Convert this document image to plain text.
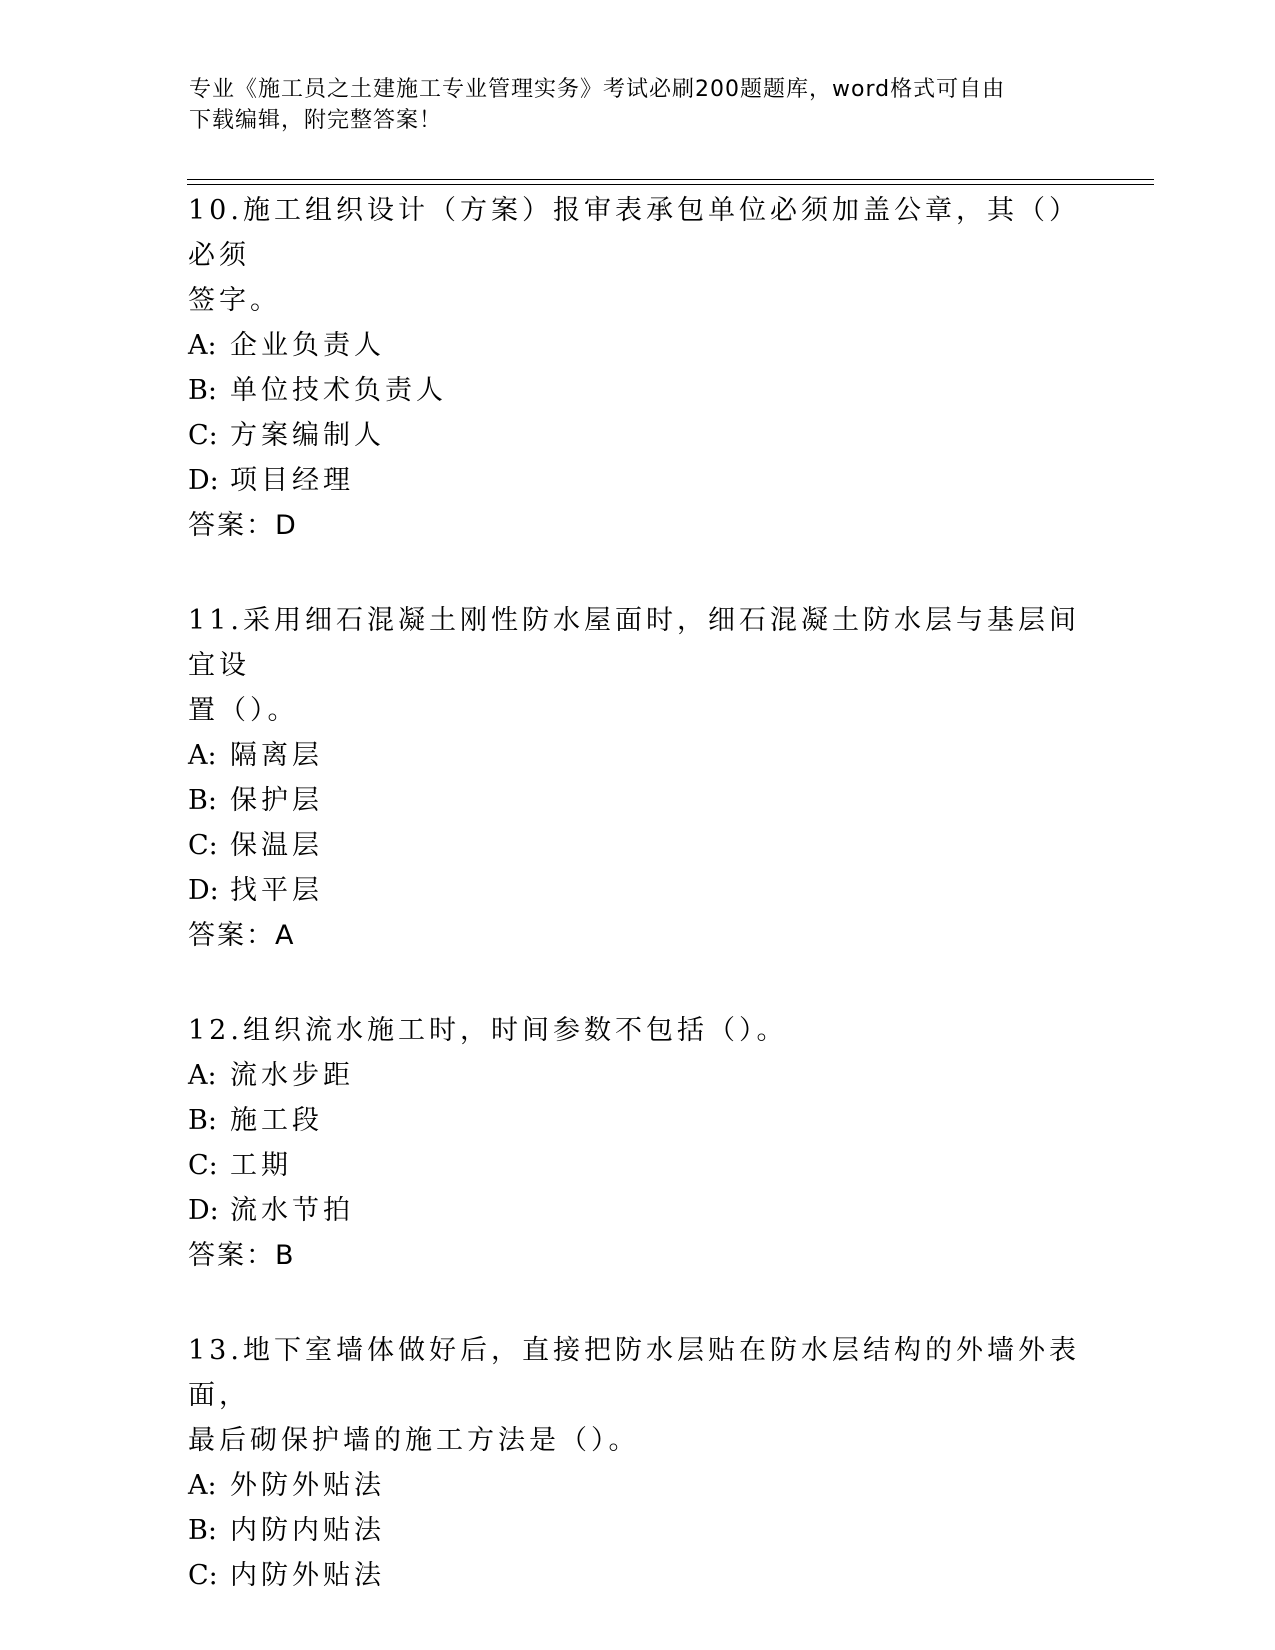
专业《施工员之土建施工专业管理实务》考试必刷200题题库，word格式可自由
下载编辑，附完整答案！

10.施工组织设计（方案）报审表承包单位必须加盖公章，其（）必须

签字。

A: 企业负责人

B: 单位技术负责人

C: 方案编制人

D: 项目经理

答案：D

11.采用细石混凝土刚性防水屋面时，细石混凝土防水层与基层间宜设

置（）。

A: 隔离层

B: 保护层

C: 保温层

D: 找平层

答案：A

12.组织流水施工时，时间参数不包括（）。

A: 流水步距

B: 施工段

C: 工期

D: 流水节拍

答案：B

13.地下室墙体做好后，直接把防水层贴在防水层结构的外墙外表面，

最后砌保护墙的施工方法是（）。

A: 外防外贴法

B: 内防内贴法

C: 内防外贴法
